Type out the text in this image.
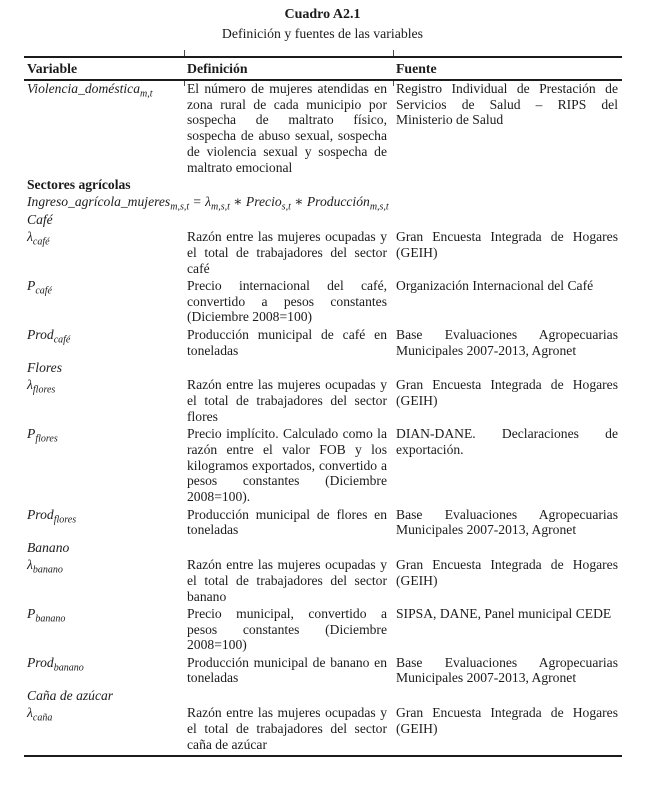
Cuadro A2.1
Definición y fuentes de las variables
Variable	Definición	Fuente
Violencia_doméstica$_{m,t}$	El número de mujeres atendidas en zona rural de cada municipio por sospecha de maltrato físico, sospecha de abuso sexual, sospecha de violencia sexual y sospecha de maltrato emocional	Registro Individual de Prestación de Servicios de Salud – RIPS del Ministerio de Salud
Sectores agrícolas		
Ingreso_agrícola_mujeres$_{m,s,t}$ = $\lambda_{m,s,t}$ ∗ Precio$_{s,t}$ ∗ Producción$_{m,s,t}$
Café		
$\lambda_{café}$	Razón entre las mujeres ocupadas y el total de trabajadores del sector café	Gran Encuesta Integrada de Hogares (GEIH)
$P_{café}$	Precio internacional del café, convertido a pesos constantes (Diciembre 2008=100)	Organización Internacional del Café
Prod$_{café}$	Producción municipal de café en toneladas	Base Evaluaciones Agropecuarias Municipales 2007-2013, Agronet
Flores		
$\lambda_{flores}$	Razón entre las mujeres ocupadas y el total de trabajadores del sector flores	Gran Encuesta Integrada de Hogares (GEIH)
$P_{flores}$	Precio implícito. Calculado como la razón entre el valor FOB y los kilogramos exportados, convertido a pesos constantes (Diciembre 2008=100).	DIAN-DANE. Declaraciones de exportación.
Prod$_{flores}$	Producción municipal de flores en toneladas	Base Evaluaciones Agropecuarias Municipales 2007-2013, Agronet
Banano		
$\lambda_{banano}$	Razón entre las mujeres ocupadas y el total de trabajadores del sector banano	Gran Encuesta Integrada de Hogares (GEIH)
$P_{banano}$	Precio municipal, convertido a pesos constantes (Diciembre 2008=100)	SIPSA, DANE, Panel municipal CEDE
Prod$_{banano}$	Producción municipal de banano en toneladas	Base Evaluaciones Agropecuarias Municipales 2007-2013, Agronet
Caña de azúcar		
$\lambda_{caña}$	Razón entre las mujeres ocupadas y el total de trabajadores del sector caña de azúcar	Gran Encuesta Integrada de Hogares (GEIH)
